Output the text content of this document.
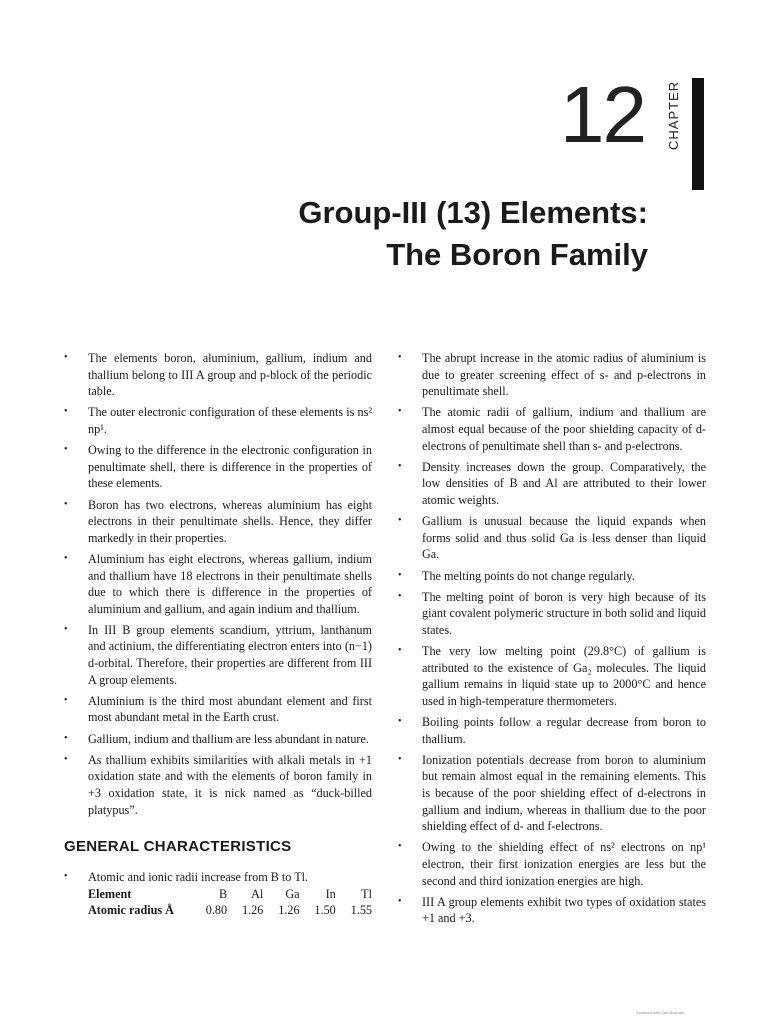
12 CHAPTER
Group-III (13) Elements:
The Boron Family
• The elements boron, aluminium, gallium, indium and thallium belong to III A group and p-block of the periodic table.
• The outer electronic configuration of these elements is ns² np¹.
• Owing to the difference in the electronic configuration in penultimate shell, there is difference in the properties of these elements.
• Boron has two electrons, whereas aluminium has eight electrons in their penultimate shells. Hence, they differ markedly in their properties.
• Aluminium has eight electrons, whereas gallium, indium and thallium have 18 electrons in their penultimate shells due to which there is difference in the properties of aluminium and gallium, and again indium and thallium.
• In III B group elements scandium, yttrium, lanthanum and actinium, the differentiating electron enters into (n−1) d-orbital. Therefore, their properties are different from III A group elements.
• Aluminium is the third most abundant element and first most abundant metal in the Earth crust.
• Gallium, indium and thallium are less abundant in nature.
• As thallium exhibits similarities with alkali metals in +1 oxidation state and with the elements of boron family in +3 oxidation state, it is nick named as “duck-billed platypus”.
GENERAL CHARACTERISTICS
• Atomic and ionic radii increase from B to Tl.
Element	B	Al	Ga	In	Tl
Atomic radius Å	0.80	1.26	1.26	1.50	1.55
• The abrupt increase in the atomic radius of aluminium is due to greater screening effect of s- and p-electrons in penultimate shell.
• The atomic radii of gallium, indium and thallium are almost equal because of the poor shielding capacity of d-electrons of penultimate shell than s- and p-electrons.
• Density increases down the group. Comparatively, the low densities of B and Al are attributed to their lower atomic weights.
• Gallium is unusual because the liquid expands when forms solid and thus solid Ga is less denser than liquid Ga.
• The melting points do not change regularly.
• The melting point of boron is very high because of its giant covalent polymeric structure in both solid and liquid states.
• The very low melting point (29.8°C) of gallium is attributed to the existence of Ga₂ molecules. The liquid gallium remains in liquid state up to 2000°C and hence used in high-temperature thermometers.
• Boiling points follow a regular decrease from boron to thallium.
• Ionization potentials decrease from boron to aluminium but remain almost equal in the remaining elements. This is because of the poor shielding effect of d-electrons in gallium and indium, whereas in thallium due to the poor shielding effect of d- and f-electrons.
• Owing to the shielding effect of ns² electrons on np¹ electron, their first ionization energies are less but the second and third ionization energies are high.
• III A group elements exhibit two types of oxidation states +1 and +3.
Scanned with CamScanner
